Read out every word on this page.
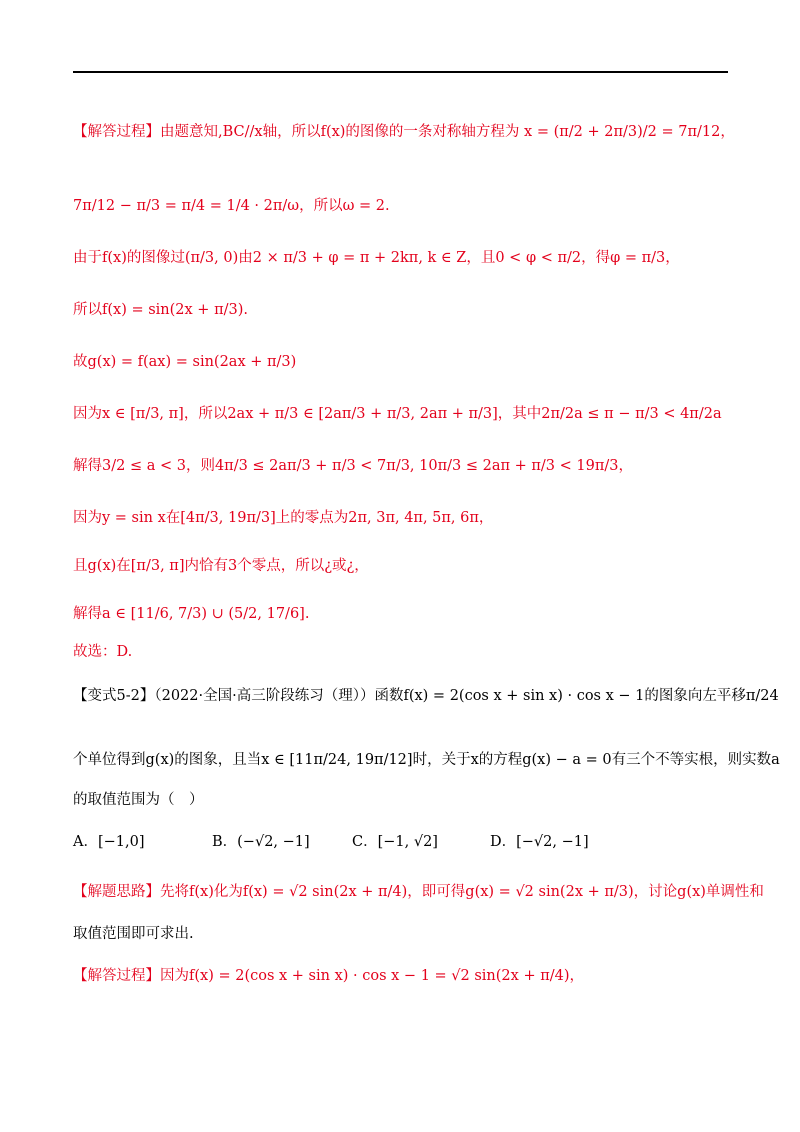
【解答过程】由题意知,BC//x轴，所以f(x)的图像的一条对称轴方程为 x = (π/2 + 2π/3)/2 = 7π/12，
7π/12 − π/3 = π/4 = 1/4 · 2π/ω，所以ω = 2.
由于f(x)的图像过(π/3, 0)由2 × π/3 + φ = π + 2kπ, k ∈ Z，且0 < φ < π/2，得φ = π/3，
所以f(x) = sin(2x + π/3).
故g(x) = f(ax) = sin(2ax + π/3)
因为x ∈ [π/3, π]，所以2ax + π/3 ∈ [2aπ/3 + π/3, 2aπ + π/3]，其中2π/2a ≤ π − π/3 < 4π/2a
解得3/2 ≤ a < 3，则4π/3 ≤ 2aπ/3 + π/3 < 7π/3, 10π/3 ≤ 2aπ + π/3 < 19π/3，
因为y = sin x在[4π/3, 19π/3]上的零点为2π, 3π, 4π, 5π, 6π，
且g(x)在[π/3, π]内恰有3个零点，所以¿或¿，
解得a ∈ [11/6, 7/3) ∪ (5/2, 17/6].
故选：D.
【变式5-2】（2022·全国·高三阶段练习（理））函数f(x) = 2(cos x + sin x) · cos x − 1的图象向左平移π/24
个单位得到g(x)的图象，且当x ∈ [11π/24, 19π/12]时，关于x的方程g(x) − a = 0有三个不等实根，则实数a
的取值范围为（　）
A．[−1,0]	B．(−√2, −1]	C．[−1, √2]	D．[−√2, −1]
【解题思路】先将f(x)化为f(x) = √2 sin(2x + π/4)，即可得g(x) = √2 sin(2x + π/3)，讨论g(x)单调性和
取值范围即可求出.
【解答过程】因为f(x) = 2(cos x + sin x) · cos x − 1 = √2 sin(2x + π/4)，
